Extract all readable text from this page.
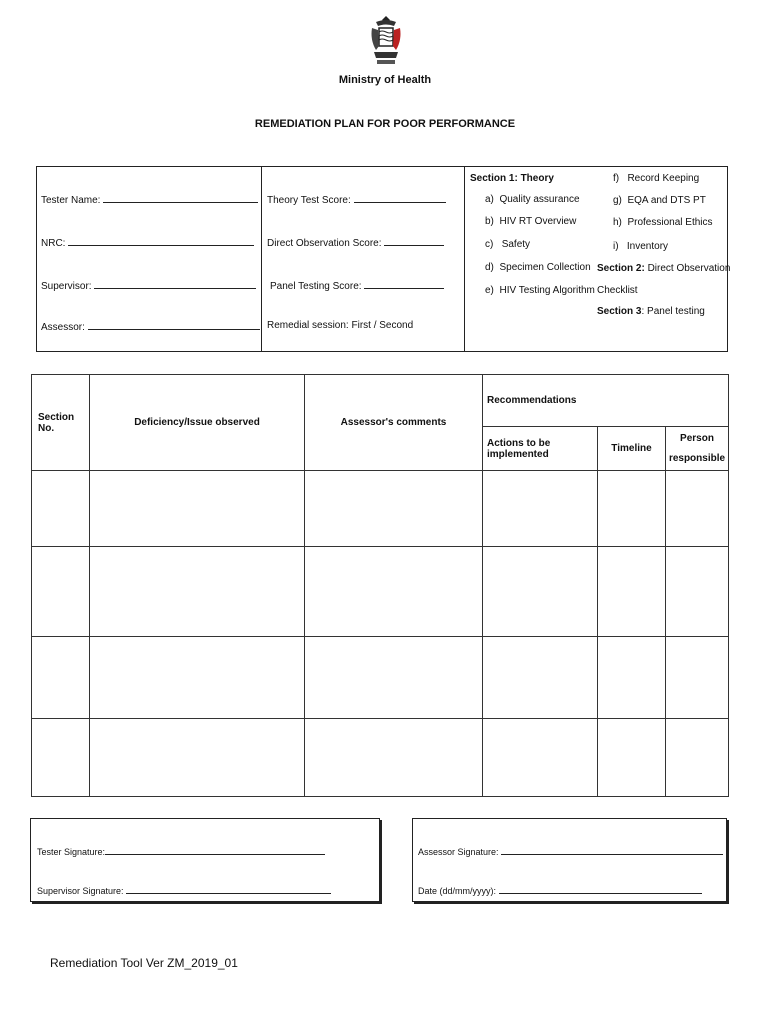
Ministry of Health
REMEDIATION PLAN FOR POOR PERFORMANCE
Tester Name:
NRC:
Supervisor:
Assessor:
Theory Test Score:
Direct Observation Score:
Panel Testing Score:
Remedial session: First / Second
Section 1: Theory
a) Quality assurance
b) HIV RT Overview
c) Safety
d) Specimen Collection
e) HIV Testing Algorithm
f) Record Keeping
g) EQA and DTS PT
h) Professional Ethics
i) Inventory
Section 2: Direct Observation
Checklist
Section 3: Panel testing
Section No.	Deficiency/Issue observed	Assessor's comments	Recommendations		
			Actions to be implemented	Timeline	Person responsible

Tester Signature:
Supervisor Signature:
Assessor Signature:
Date (dd/mm/yyyy):
Remediation Tool Ver ZM_2019_01
